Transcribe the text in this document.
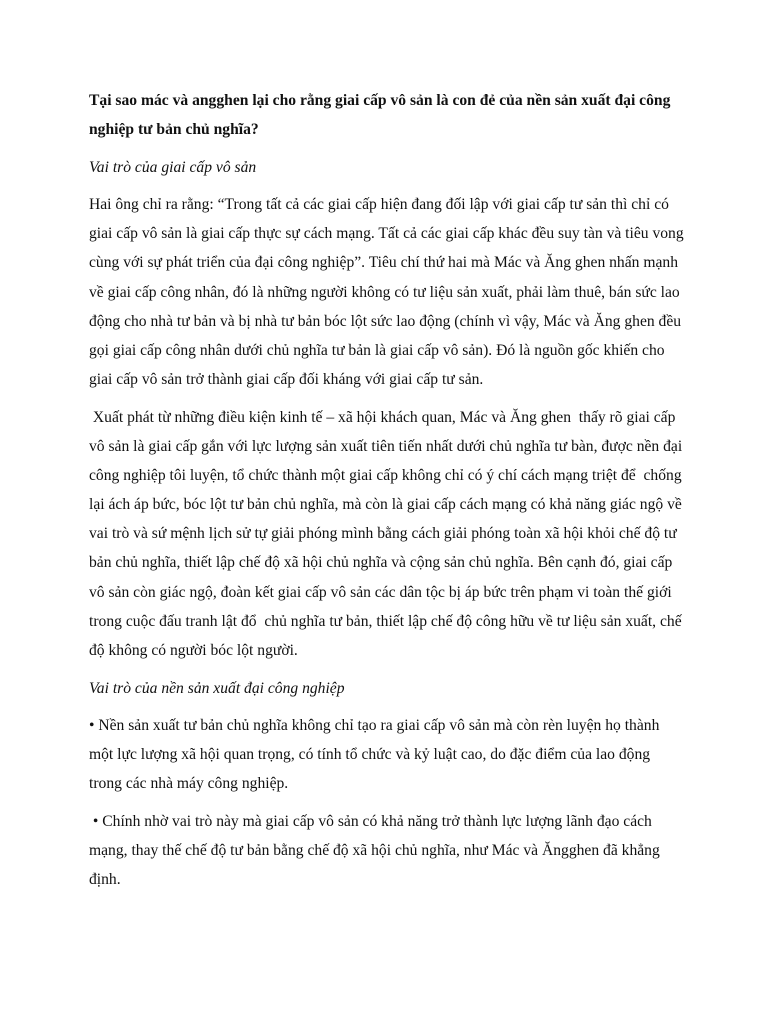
Tại sao mác và angghen lại cho rằng giai cấp vô sản là con đẻ của nền sản xuất đại công nghiệp tư bản chủ nghĩa?

Vai trò của giai cấp vô sản

Hai ông chỉ ra rằng: “Trong tất cả các giai cấp hiện đang đối lập với giai cấp tư sản thì chỉ có giai cấp vô sản là giai cấp thực sự cách mạng. Tất cả các giai cấp khác đều suy tàn và tiêu vong cùng với sự phát triển của đại công nghiệp”. Tiêu chí thứ hai mà Mác và Ăng ghen nhấn mạnh về giai cấp công nhân, đó là những người không có tư liệu sản xuất, phải làm thuê, bán sức lao động cho nhà tư bản và bị nhà tư bản bóc lột sức lao động (chính vì vậy, Mác và Ăng ghen đều gọi giai cấp công nhân dưới chủ nghĩa tư bản là giai cấp vô sản). Đó là nguồn gốc khiến cho giai cấp vô sản trở thành giai cấp đối kháng với giai cấp tư sản.

Xuất phát từ những điều kiện kinh tế – xã hội khách quan, Mác và Ăng ghen  thấy rõ giai cấp vô sản là giai cấp gắn với lực lượng sản xuất tiên tiến nhất dưới chủ nghĩa tư bàn, được nền đại công nghiệp tôi luyện, tổ chức thành một giai cấp không chỉ có ý chí cách mạng triệt để  chống lại ách áp bức, bóc lột tư bản chủ nghĩa, mà còn là giai cấp cách mạng có khả năng giác ngộ về vai trò và sứ mệnh lịch sử tự giải phóng mình bằng cách giải phóng toàn xã hội khỏi chế độ tư bản chủ nghĩa, thiết lập chế độ xã hội chủ nghĩa và cộng sản chủ nghĩa. Bên cạnh đó, giai cấp vô sản còn giác ngộ, đoàn kết giai cấp vô sản các dân tộc bị áp bức trên phạm vi toàn thế giới trong cuộc đấu tranh lật đổ  chủ nghĩa tư bản, thiết lập chế độ công hữu về tư liệu sản xuất, chế độ không có người bóc lột người.

Vai trò của nền sản xuất đại công nghiệp

• Nền sản xuất tư bản chủ nghĩa không chỉ tạo ra giai cấp vô sản mà còn rèn luyện họ thành một lực lượng xã hội quan trọng, có tính tổ chức và kỷ luật cao, do đặc điểm của lao động trong các nhà máy công nghiệp.

• Chính nhờ vai trò này mà giai cấp vô sản có khả năng trở thành lực lượng lãnh đạo cách mạng, thay thế chế độ tư bản bằng chế độ xã hội chủ nghĩa, như Mác và Ăngghen đã khẳng định.
